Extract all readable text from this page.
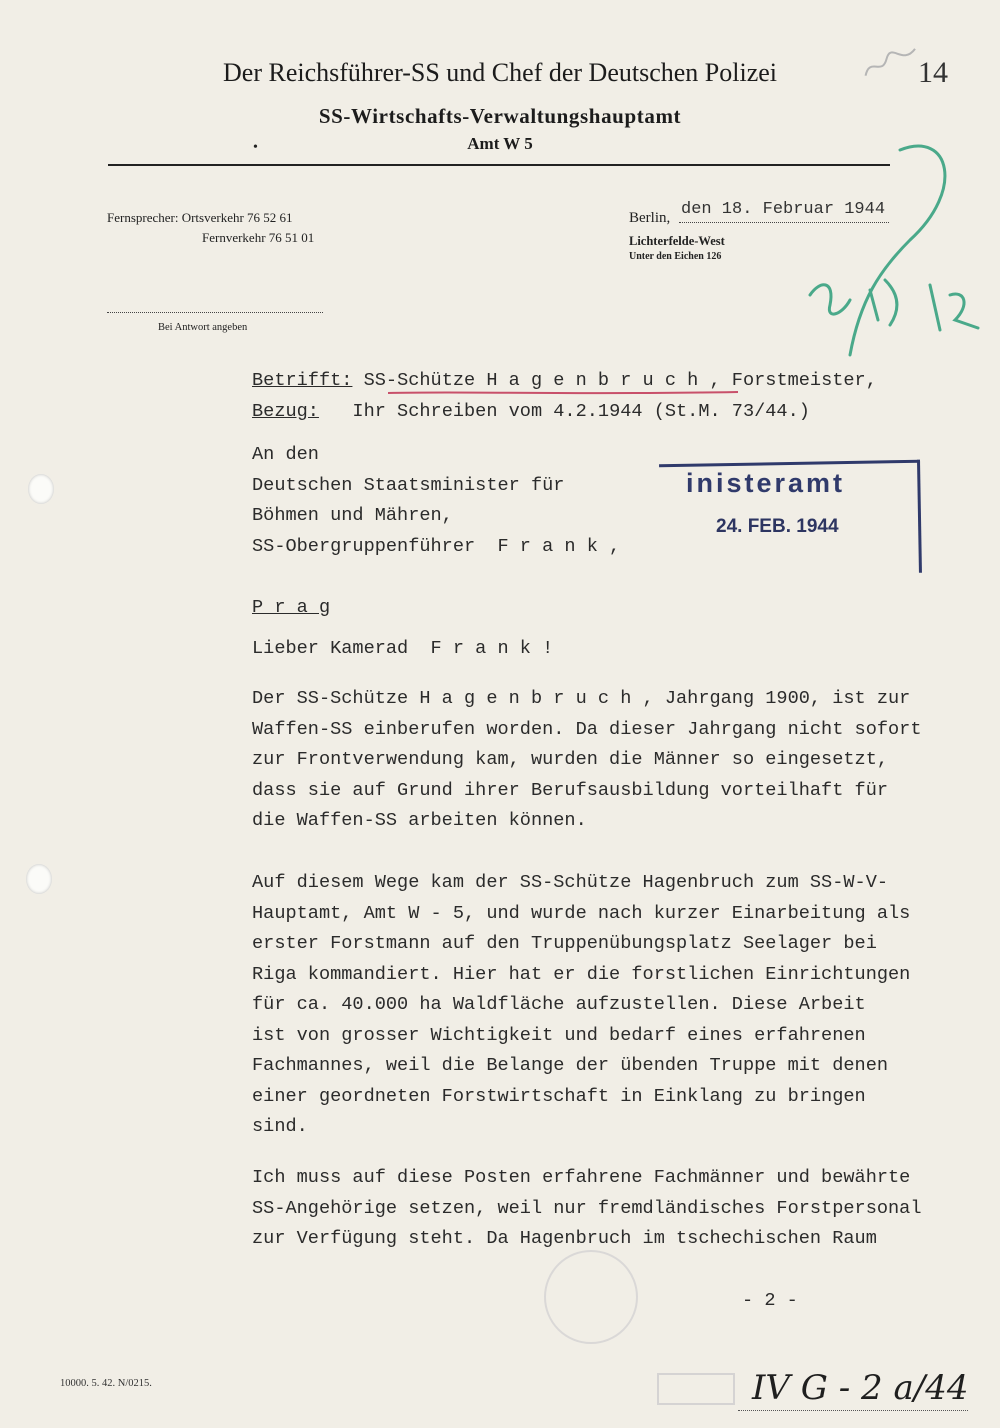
14
Der Reichsführer-SS und Chef der Deutschen Polizei
SS-Wirtschafts-Verwaltungshauptamt
Amt W 5
•
Fernsprecher: Ortsverkehr 76 52 61
Fernverkehr 76 51 01
Bei Antwort angeben
Berlin, den 18. Februar 1944
Lichterfelde-West
Unter den Eichen 126
Betrifft: SS-Schütze H a g e n b r u c h , Forstmeister,
Bezug:   Ihr Schreiben vom 4.2.1944 (St.M. 73/44.)
An den
Deutschen Staatsminister für
Böhmen und Mähren,
SS-Obergruppenführer  F r a n k ,

P r a g
inisteramt
24. FEB. 1944
Lieber Kamerad  F r a n k !
Der SS-Schütze H a g e n b r u c h , Jahrgang 1900, ist zur
Waffen-SS einberufen worden. Da dieser Jahrgang nicht sofort
zur Frontverwendung kam, wurden die Männer so eingesetzt,
dass sie auf Grund ihrer Berufsausbildung vorteilhaft für
die Waffen-SS arbeiten können.
Auf diesem Wege kam der SS-Schütze Hagenbruch zum SS-W-V-
Hauptamt, Amt W - 5, und wurde nach kurzer Einarbeitung als
erster Forstmann auf den Truppenübungsplatz Seelager bei
Riga kommandiert. Hier hat er die forstlichen Einrichtungen
für ca. 40.000 ha Waldfläche aufzustellen. Diese Arbeit
ist von grosser Wichtigkeit und bedarf eines erfahrenen
Fachmannes, weil die Belange der übenden Truppe mit denen
einer geordneten Forstwirtschaft in Einklang zu bringen
sind.
Ich muss auf diese Posten erfahrene Fachmänner und bewährte
SS-Angehörige setzen, weil nur fremdländisches Forstpersonal
zur Verfügung steht. Da Hagenbruch im tschechischen Raum
- 2 -
10000. 5. 42. N/0215.	IV G - 2 a/44
